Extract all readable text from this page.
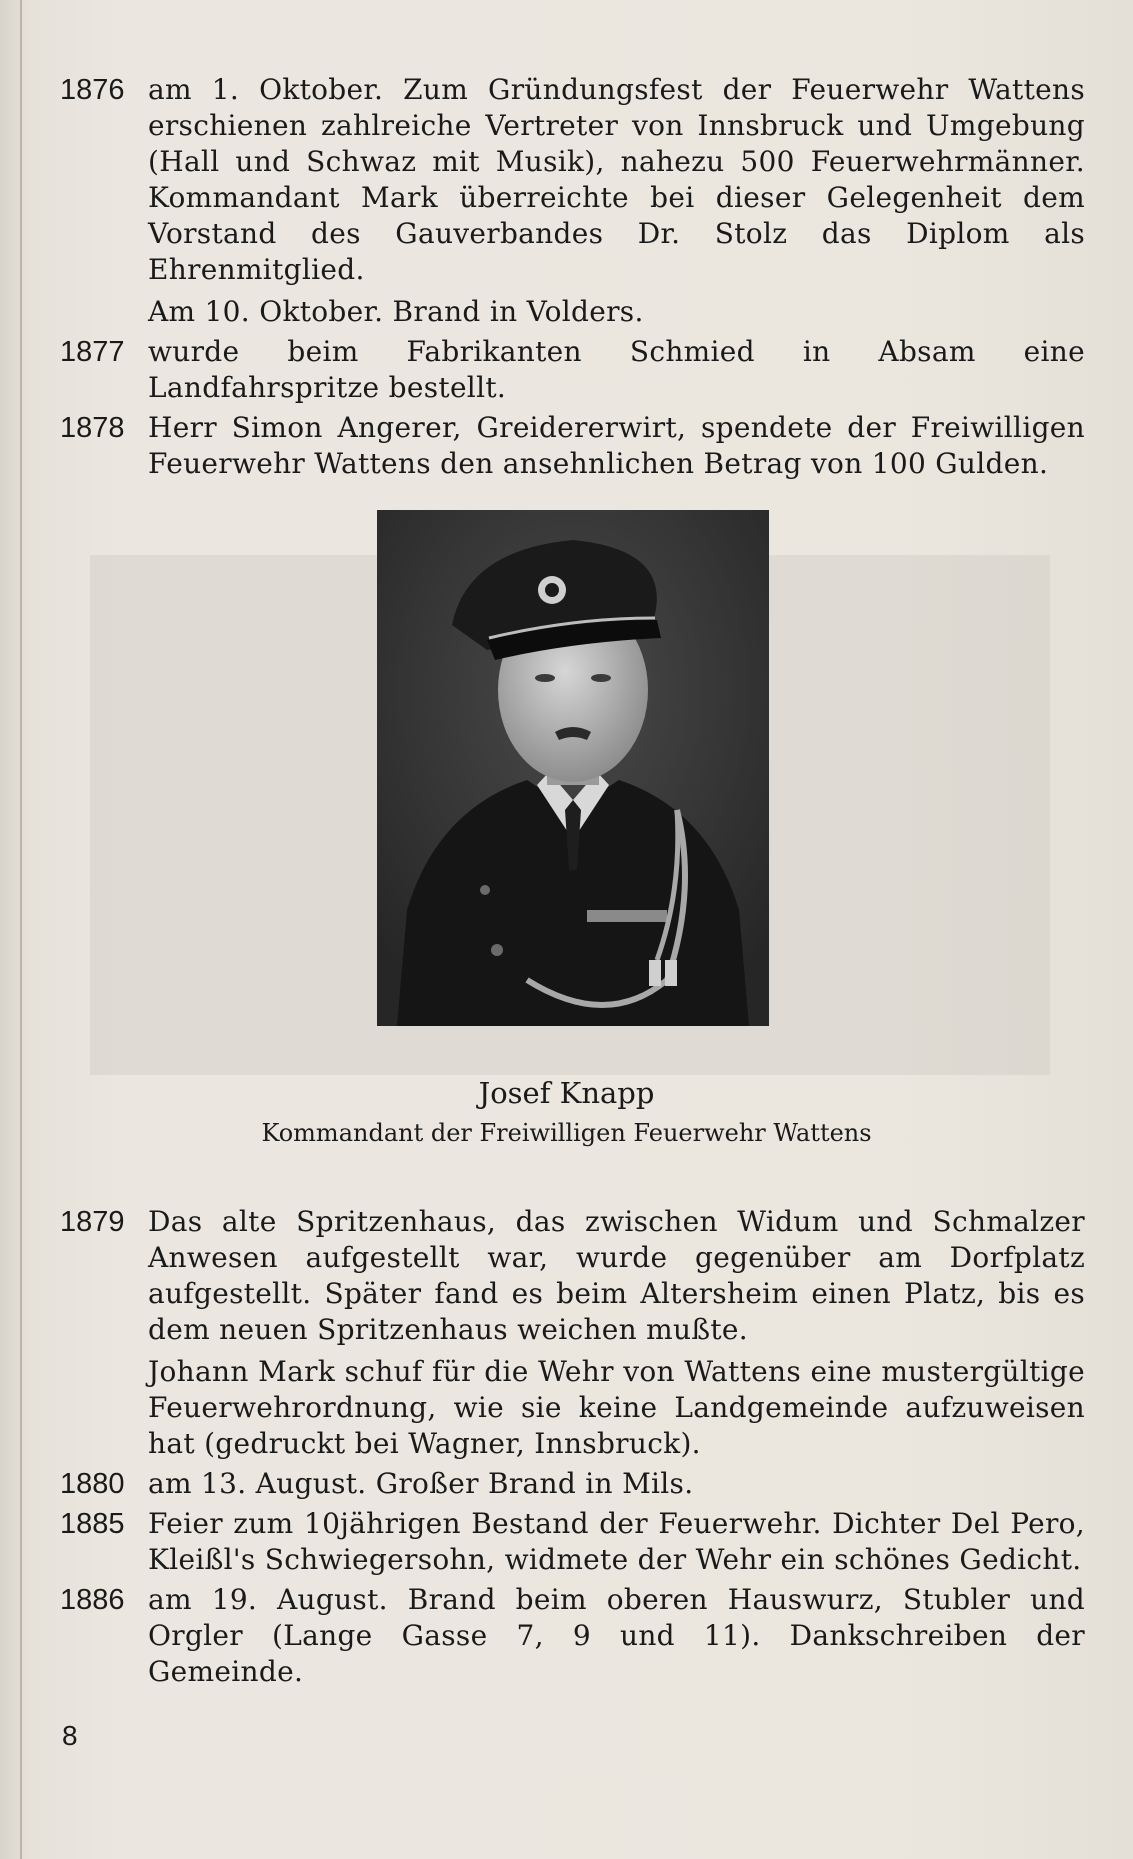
1876 am 1. Oktober. Zum Gründungsfest der Feuerwehr Wattens erschienen zahlreiche Vertreter von Innsbruck und Umgebung (Hall und Schwaz mit Musik), nahezu 500 Feuerwehrmänner. Kommandant Mark überreichte bei dieser Gelegenheit dem Vorstand des Gauverbandes Dr. Stolz das Diplom als Ehrenmitglied.

Am 10. Oktober. Brand in Volders.

1877 wurde beim Fabrikanten Schmied in Absam eine Landfahrspritze bestellt.

1878 Herr Simon Angerer, Greidererwirt, spendete der Freiwilligen Feuerwehr Wattens den ansehnlichen Betrag von 100 Gulden.

Josef Knapp
Kommandant der Freiwilligen Feuerwehr Wattens
1879 Das alte Spritzenhaus, das zwischen Widum und Schmalzer Anwesen aufgestellt war, wurde gegenüber am Dorfplatz aufgestellt. Später fand es beim Altersheim einen Platz, bis es dem neuen Spritzenhaus weichen mußte.

Johann Mark schuf für die Wehr von Wattens eine mustergültige Feuerwehrordnung, wie sie keine Landgemeinde aufzuweisen hat (gedruckt bei Wagner, Innsbruck).

1880 am 13. August. Großer Brand in Mils.

1885 Feier zum 10jährigen Bestand der Feuerwehr. Dichter Del Pero, Kleißl's Schwiegersohn, widmete der Wehr ein schönes Gedicht.

1886 am 19. August. Brand beim oberen Hauswurz, Stubler und Orgler (Lange Gasse 7, 9 und 11). Dankschreiben der Gemeinde.

8
